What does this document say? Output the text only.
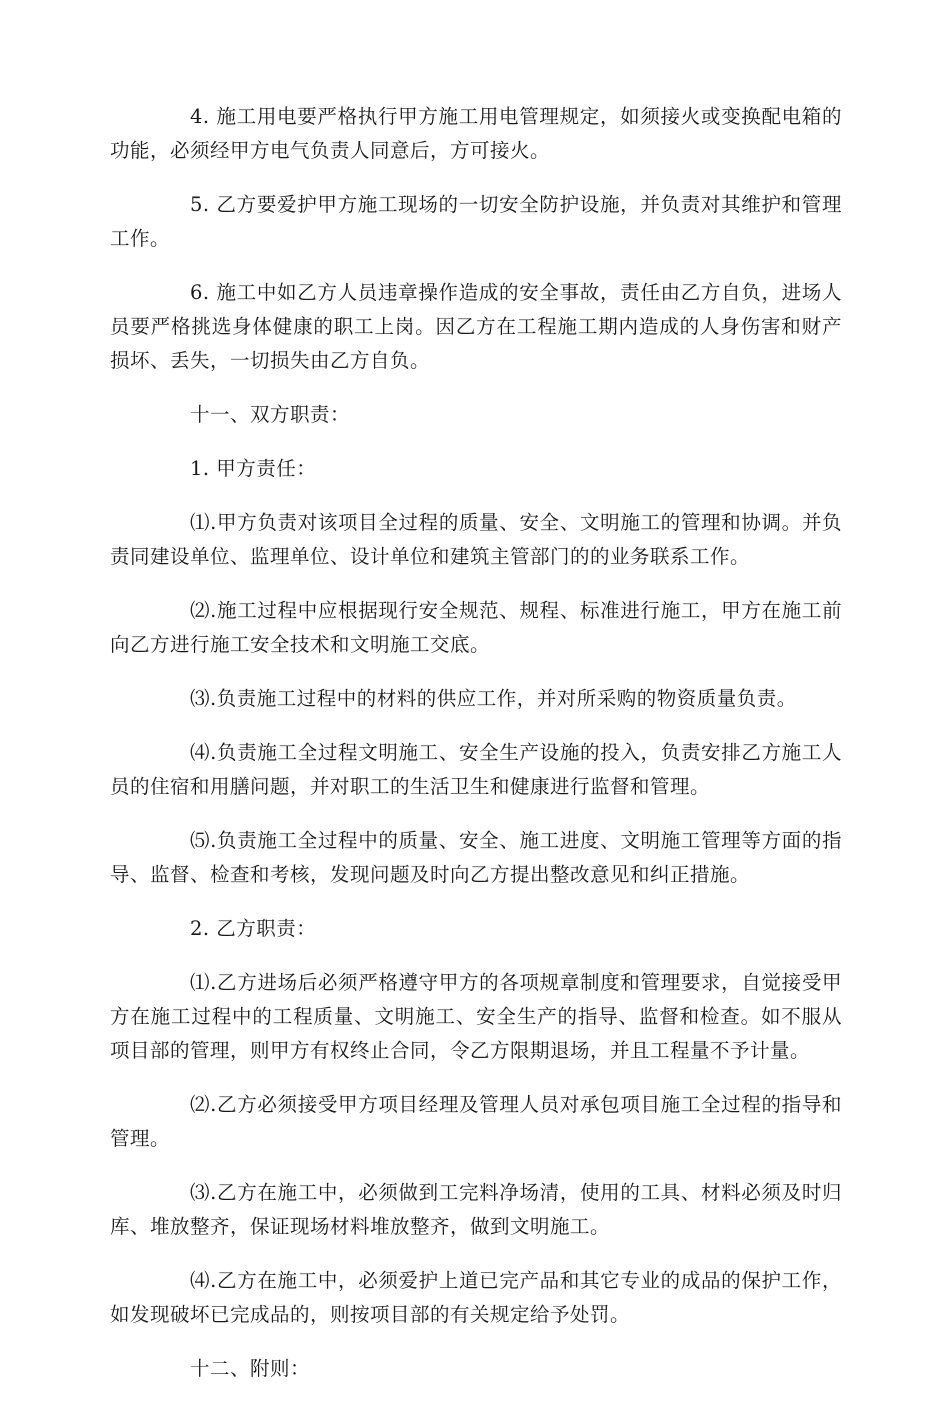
4. 施工用电要严格执行甲方施工用电管理规定，如须接火或变换配电箱的功能，必须经甲方电气负责人同意后，方可接火。

5. 乙方要爱护甲方施工现场的一切安全防护设施，并负责对其维护和管理工作。

6. 施工中如乙方人员违章操作造成的安全事故，责任由乙方自负，进场人员要严格挑选身体健康的职工上岗。因乙方在工程施工期内造成的人身伤害和财产损坏、丢失，一切损失由乙方自负。

十一、双方职责：

1. 甲方责任：

⑴.甲方负责对该项目全过程的质量、安全、文明施工的管理和协调。并负责同建设单位、监理单位、设计单位和建筑主管部门的的业务联系工作。

⑵.施工过程中应根据现行安全规范、规程、标准进行施工，甲方在施工前向乙方进行施工安全技术和文明施工交底。

⑶.负责施工过程中的材料的供应工作，并对所采购的物资质量负责。

⑷.负责施工全过程文明施工、安全生产设施的投入，负责安排乙方施工人员的住宿和用膳问题，并对职工的生活卫生和健康进行监督和管理。

⑸.负责施工全过程中的质量、安全、施工进度、文明施工管理等方面的指导、监督、检查和考核，发现问题及时向乙方提出整改意见和纠正措施。

2. 乙方职责：

⑴.乙方进场后必须严格遵守甲方的各项规章制度和管理要求，自觉接受甲方在施工过程中的工程质量、文明施工、安全生产的指导、监督和检查。如不服从项目部的管理，则甲方有权终止合同，令乙方限期退场，并且工程量不予计量。

⑵.乙方必须接受甲方项目经理及管理人员对承包项目施工全过程的指导和管理。

⑶.乙方在施工中，必须做到工完料净场清，使用的工具、材料必须及时归库、堆放整齐，保证现场材料堆放整齐，做到文明施工。

⑷.乙方在施工中，必须爱护上道已完产品和其它专业的成品的保护工作，如发现破坏已完成品的，则按项目部的有关规定给予处罚。

十二、附则：
